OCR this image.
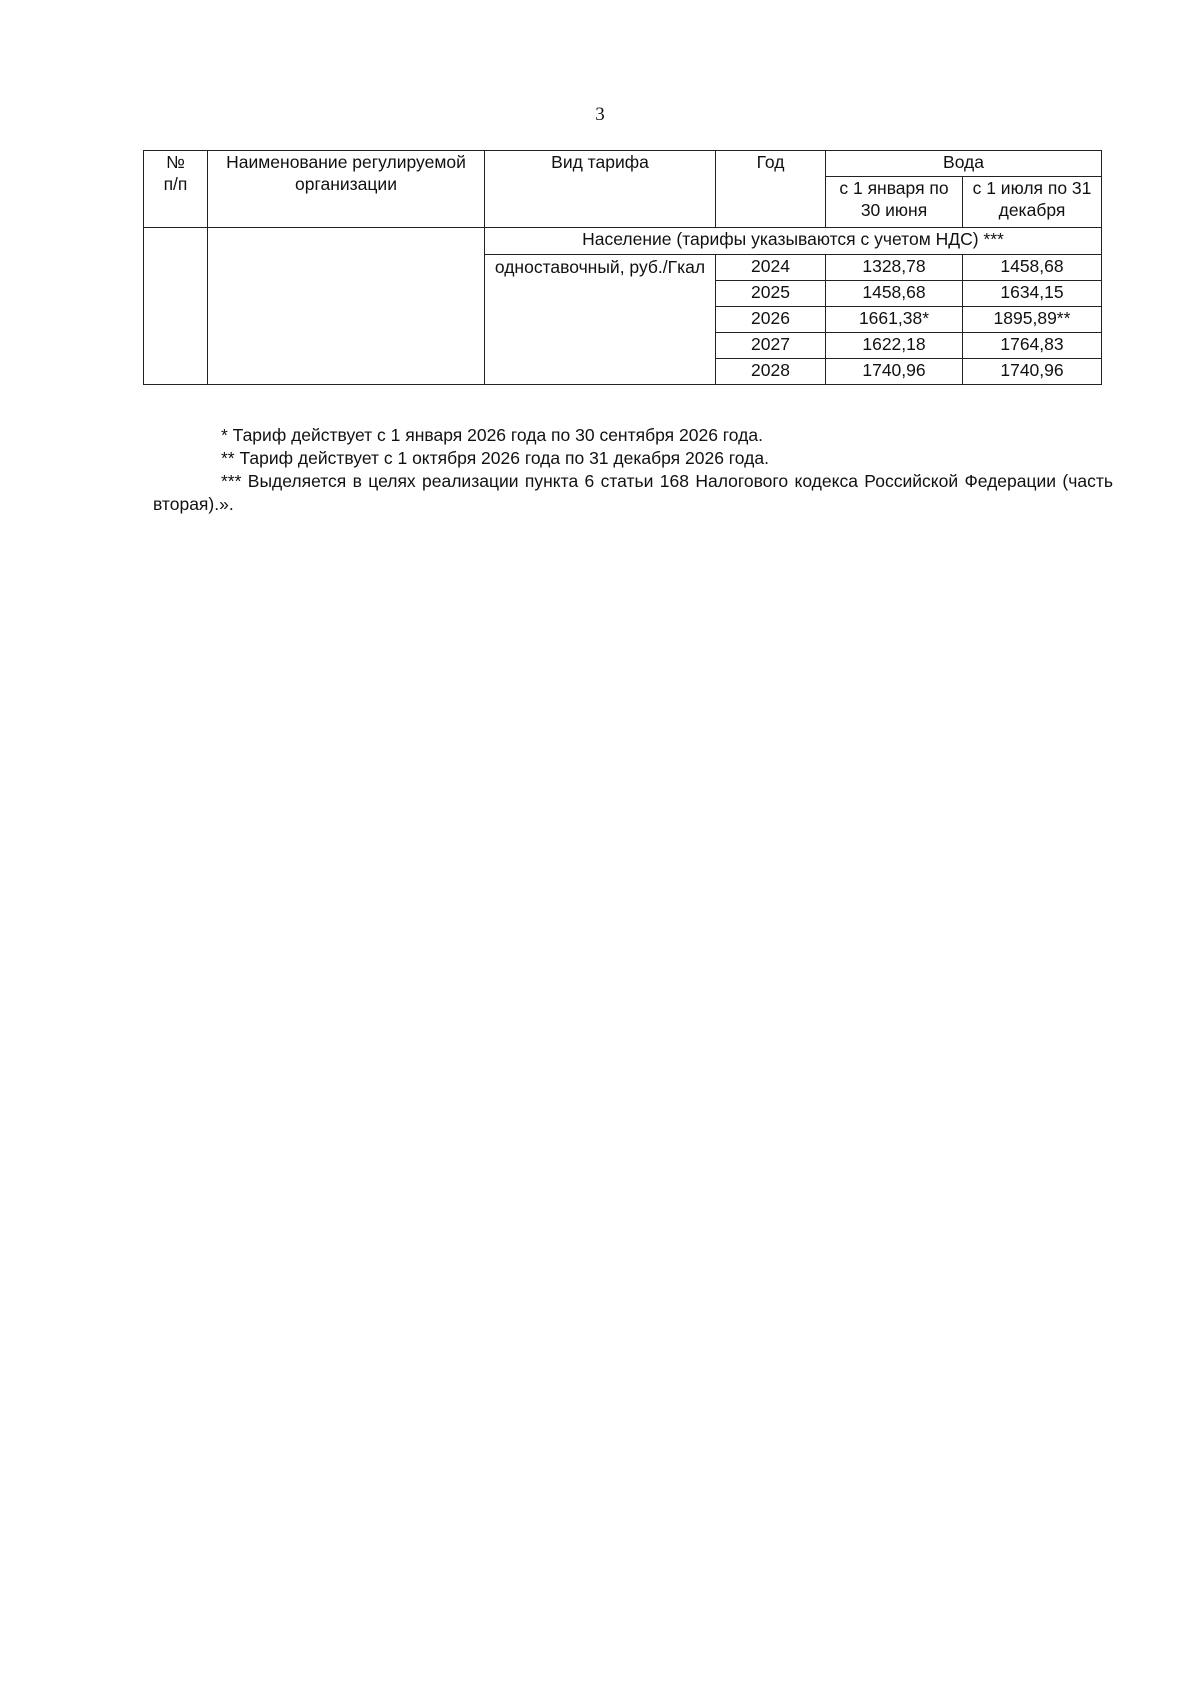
3
№
п/п	Наименование регулируемой организации	Вид тарифа	Год	Вода	
				с 1 января по 30 июня	с 1 июля по 31 декабря
		Население (тарифы указываются с учетом НДС) ***			
		одноставочный, руб./Гкал	2024	1328,78	1458,68
			2025	1458,68	1634,15
			2026	1661,38*	1895,89**
			2027	1622,18	1764,83
			2028	1740,96	1740,96
* Тариф действует с 1 января 2026 года по 30 сентября 2026 года.
** Тариф действует с 1 октября 2026 года по 31 декабря 2026 года.
*** Выделяется в целях реализации пункта 6 статьи 168 Налогового кодекса Российской Федерации (часть вторая).».
